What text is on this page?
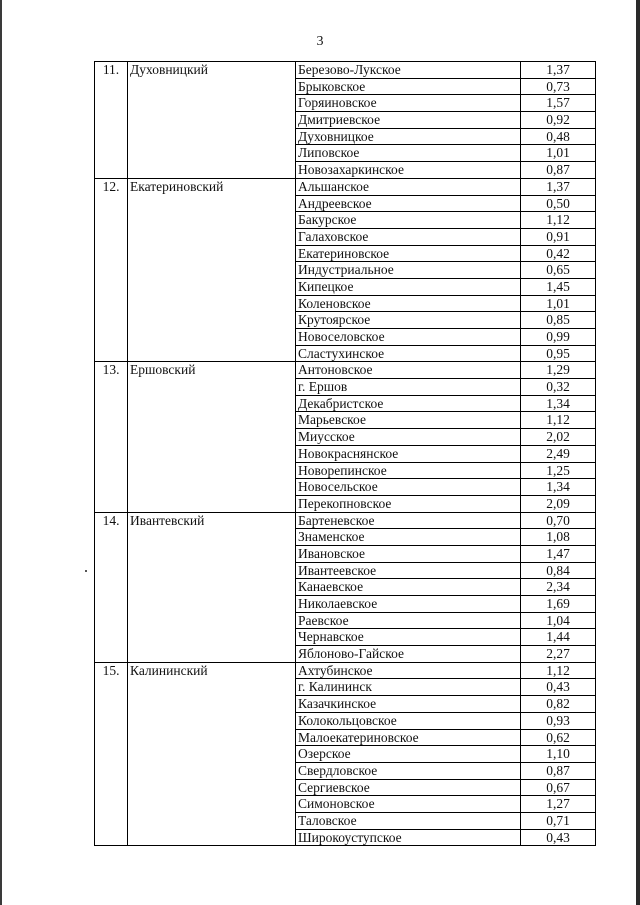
3
11.	Духовницкий	Березово-Лукское	1,37
		Брыковское	0,73
		Горяиновское	1,57
		Дмитриевское	0,92
		Духовницкое	0,48
		Липовское	1,01
		Новозахаркинское	0,87
12.	Екатериновский	Альшанское	1,37
		Андреевское	0,50
		Бакурское	1,12
		Галаховское	0,91
		Екатериновское	0,42
		Индустриальное	0,65
		Кипецкое	1,45
		Коленовское	1,01
		Крутоярское	0,85
		Новоселовское	0,99
		Сластухинское	0,95
13.	Ершовский	Антоновское	1,29
		г. Ершов	0,32
		Декабристское	1,34
		Марьевское	1,12
		Миусское	2,02
		Новокраснянское	2,49
		Новорепинское	1,25
		Новосельское	1,34
		Перекопновское	2,09
14.	Ивантевский	Бартеневское	0,70
		Знаменское	1,08
		Ивановское	1,47
		Ивантеевское	0,84
		Канаевское	2,34
		Николаевское	1,69
		Раевское	1,04
		Чернавское	1,44
		Яблоново-Гайское	2,27
15.	Калининский	Ахтубинское	1,12
		г. Калининск	0,43
		Казачкинское	0,82
		Колокольцовское	0,93
		Малоекатериновское	0,62
		Озерское	1,10
		Свердловское	0,87
		Сергиевское	0,67
		Симоновское	1,27
		Таловское	0,71
		Широкоуступское	0,43
